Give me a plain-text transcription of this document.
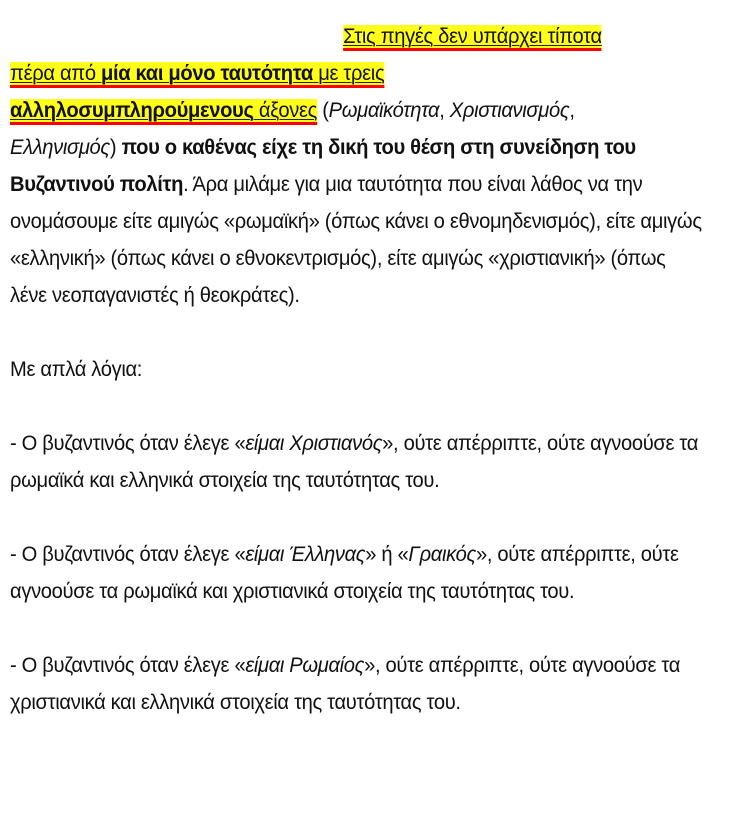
Στις πηγές δεν υπάρχει τίποτα
πέρα από μία και μόνο ταυτότητα με τρεις
αλληλοσυμπληρούμενους άξονες (Ρωμαϊκότητα, Χριστιανισμός,
Ελληνισμός) που ο καθένας είχε τη δική του θέση στη συνείδηση του Βυζαντινού πολίτη. Άρα μιλάμε για μια ταυτότητα που είναι λάθος να την ονομάσουμε είτε αμιγώς «ρωμαϊκή» (όπως κάνει ο εθνομηδενισμός), είτε αμιγώς «ελληνική» (όπως κάνει ο εθνοκεντρισμός), είτε αμιγώς «χριστιανική» (όπως λένε νεοπαγανιστές ή θεοκράτες).

Με απλά λόγια:

- Ο βυζαντινός όταν έλεγε «είμαι Χριστιανός», ούτε απέρριπτε, ούτε αγνοούσε τα ρωμαϊκά και ελληνικά στοιχεία της ταυτότητας του.

- Ο βυζαντινός όταν έλεγε «είμαι Έλληνας» ή «Γραικός», ούτε απέρριπτε, ούτε αγνοούσε τα ρωμαϊκά και χριστιανικά στοιχεία της ταυτότητας του.

- Ο βυζαντινός όταν έλεγε «είμαι Ρωμαίος», ούτε απέρριπτε, ούτε αγνοούσε τα χριστιανικά και ελληνικά στοιχεία της ταυτότητας του.
